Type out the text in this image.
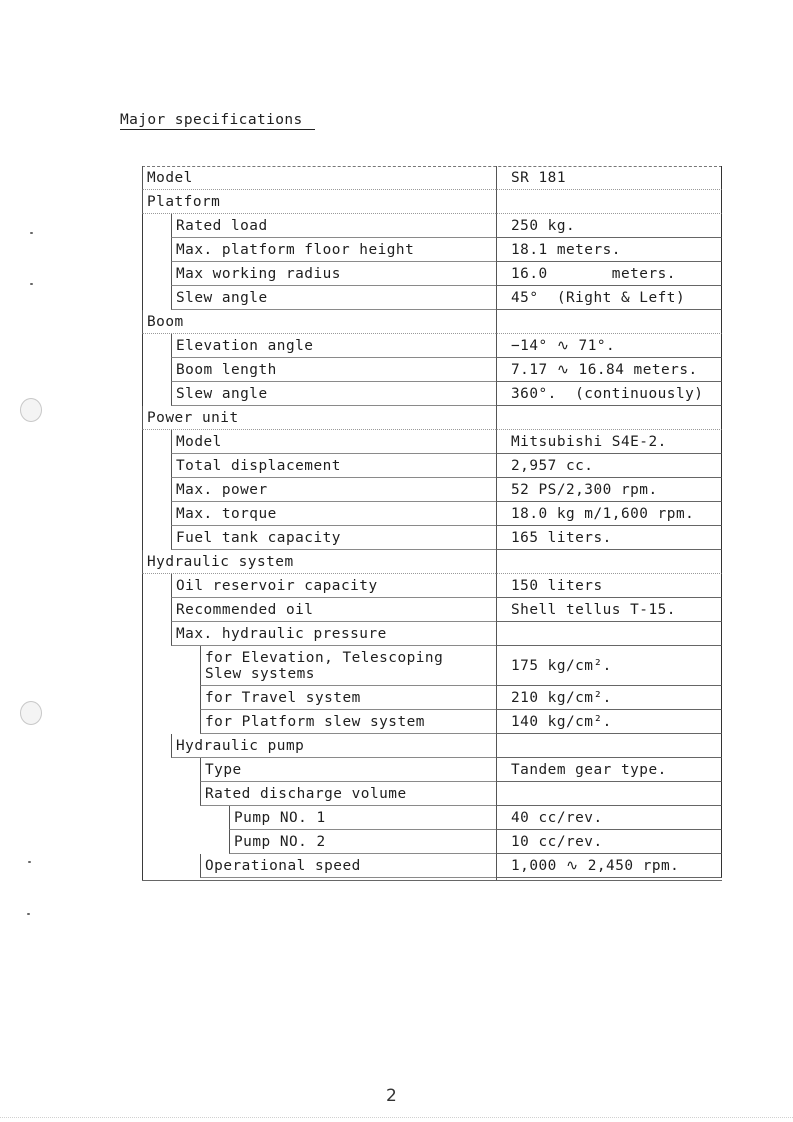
Major specifications
Model	SR 181
Platform
Rated load	250 kg.
Max. platform floor height	18.1 meters.
Max working radius	16.0       meters.
Slew angle	45°  (Right & Left)
Boom
Elevation angle	−14° ∿ 71°.
Boom length	7.17 ∿ 16.84 meters.
Slew angle	360°.  (continuously)
Power unit
Model	Mitsubishi S4E-2.
Total displacement	2,957 cc.
Max. power	52 PS/2,300 rpm.
Max. torque	18.0 kg m/1,600 rpm.
Fuel tank capacity	165 liters.
Hydraulic system
Oil reservoir capacity	150 liters
Recommended oil	Shell tellus T-15.
Max. hydraulic pressure
for Elevation, Telescoping
Slew systems	175 kg/cm².
for Travel system	210 kg/cm².
for Platform slew system	140 kg/cm².
Hydraulic pump
Type	Tandem gear type.
Rated discharge volume
Pump NO. 1	40 cc/rev.
Pump NO. 2	10 cc/rev.
Operational speed	1,000 ∿ 2,450 rpm.
2
